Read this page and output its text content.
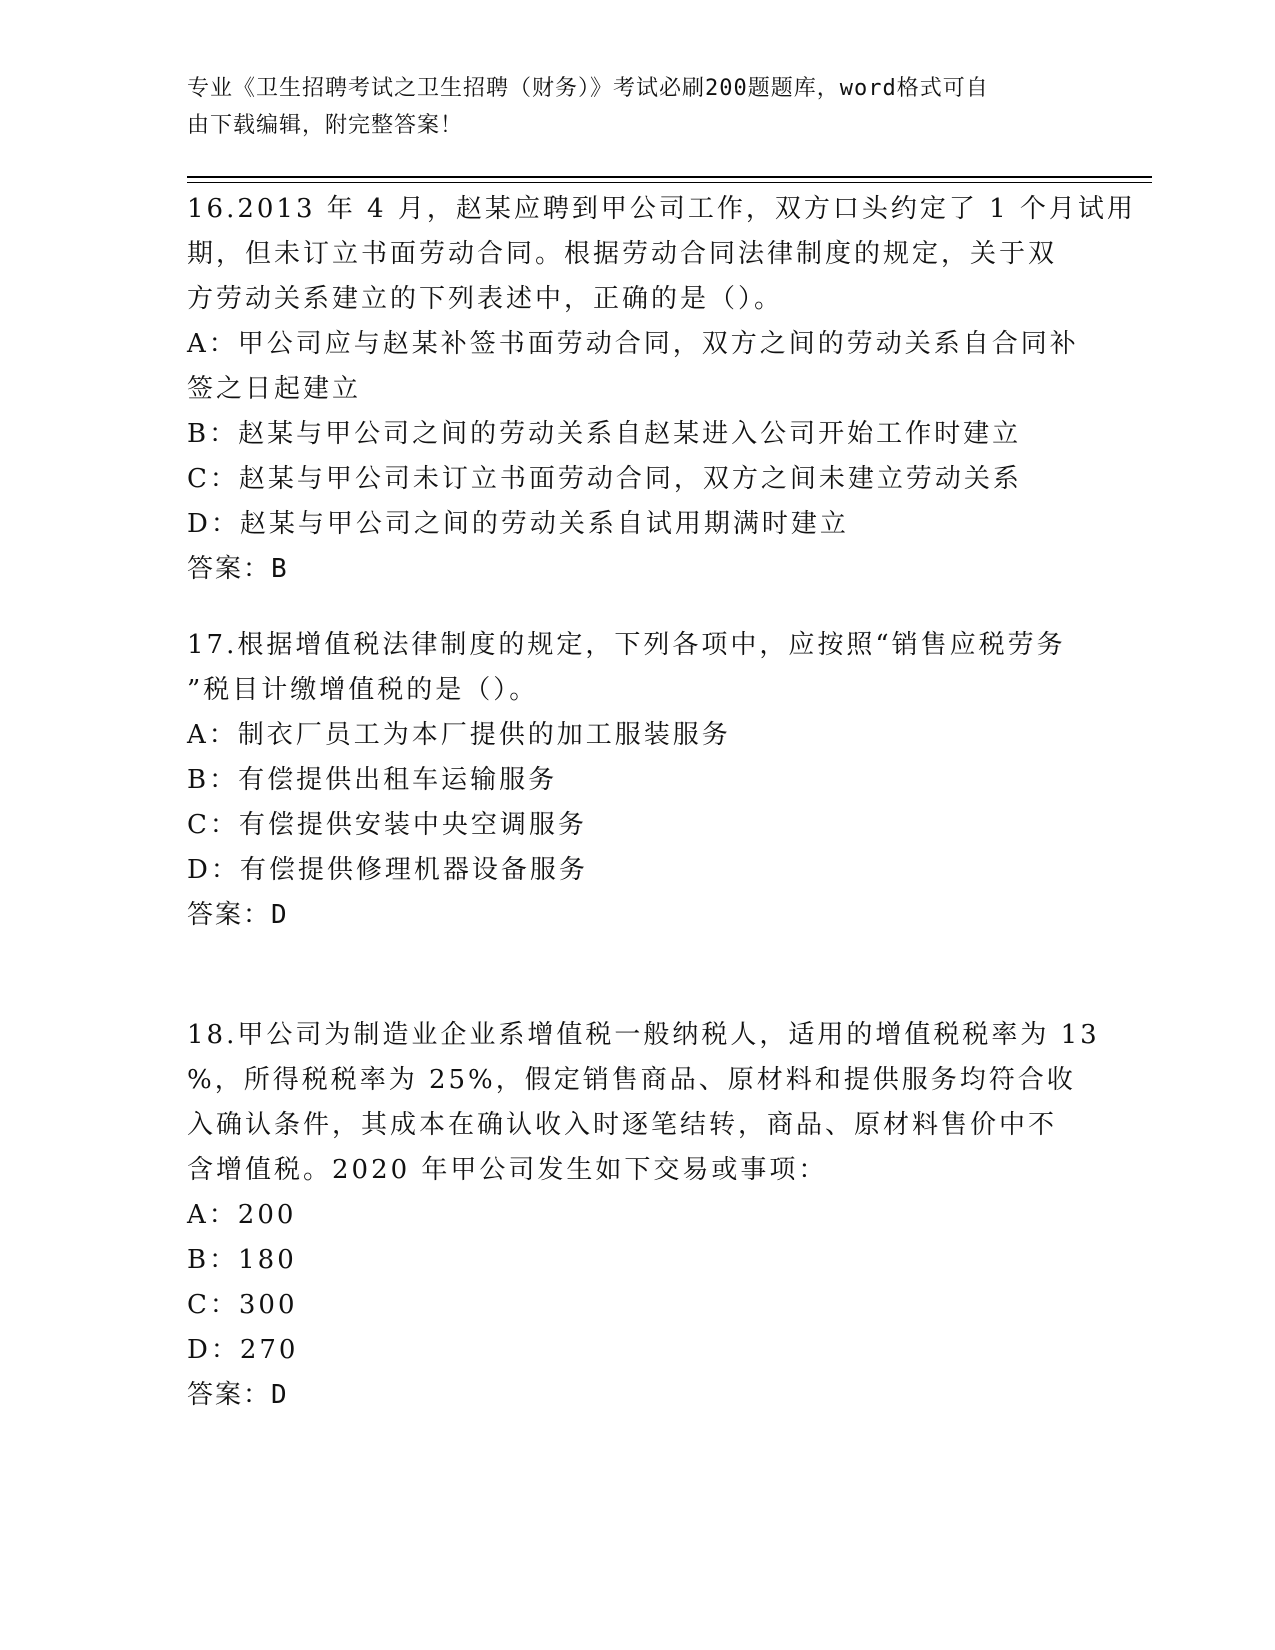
专业《卫生招聘考试之卫生招聘（财务）》考试必刷200题题库，word格式可自
由下载编辑，附完整答案！
16.2013 年 4 月，赵某应聘到甲公司工作，双方口头约定了 1 个月试用
期，但未订立书面劳动合同。根据劳动合同法律制度的规定，关于双
方劳动关系建立的下列表述中，正确的是（）。
A：甲公司应与赵某补签书面劳动合同，双方之间的劳动关系自合同补
签之日起建立
B：赵某与甲公司之间的劳动关系自赵某进入公司开始工作时建立
C：赵某与甲公司未订立书面劳动合同，双方之间未建立劳动关系
D：赵某与甲公司之间的劳动关系自试用期满时建立
答案：B
17.根据增值税法律制度的规定，下列各项中，应按照“销售应税劳务
”税目计缴增值税的是（）。
A：制衣厂员工为本厂提供的加工服装服务
B：有偿提供出租车运输服务
C：有偿提供安装中央空调服务
D：有偿提供修理机器设备服务
答案：D
18.甲公司为制造业企业系增值税一般纳税人，适用的增值税税率为 13
%，所得税税率为 25%，假定销售商品、原材料和提供服务均符合收
入确认条件，其成本在确认收入时逐笔结转，商品、原材料售价中不
含增值税。2020 年甲公司发生如下交易或事项：
A：200
B：180
C：300
D：270
答案：D
